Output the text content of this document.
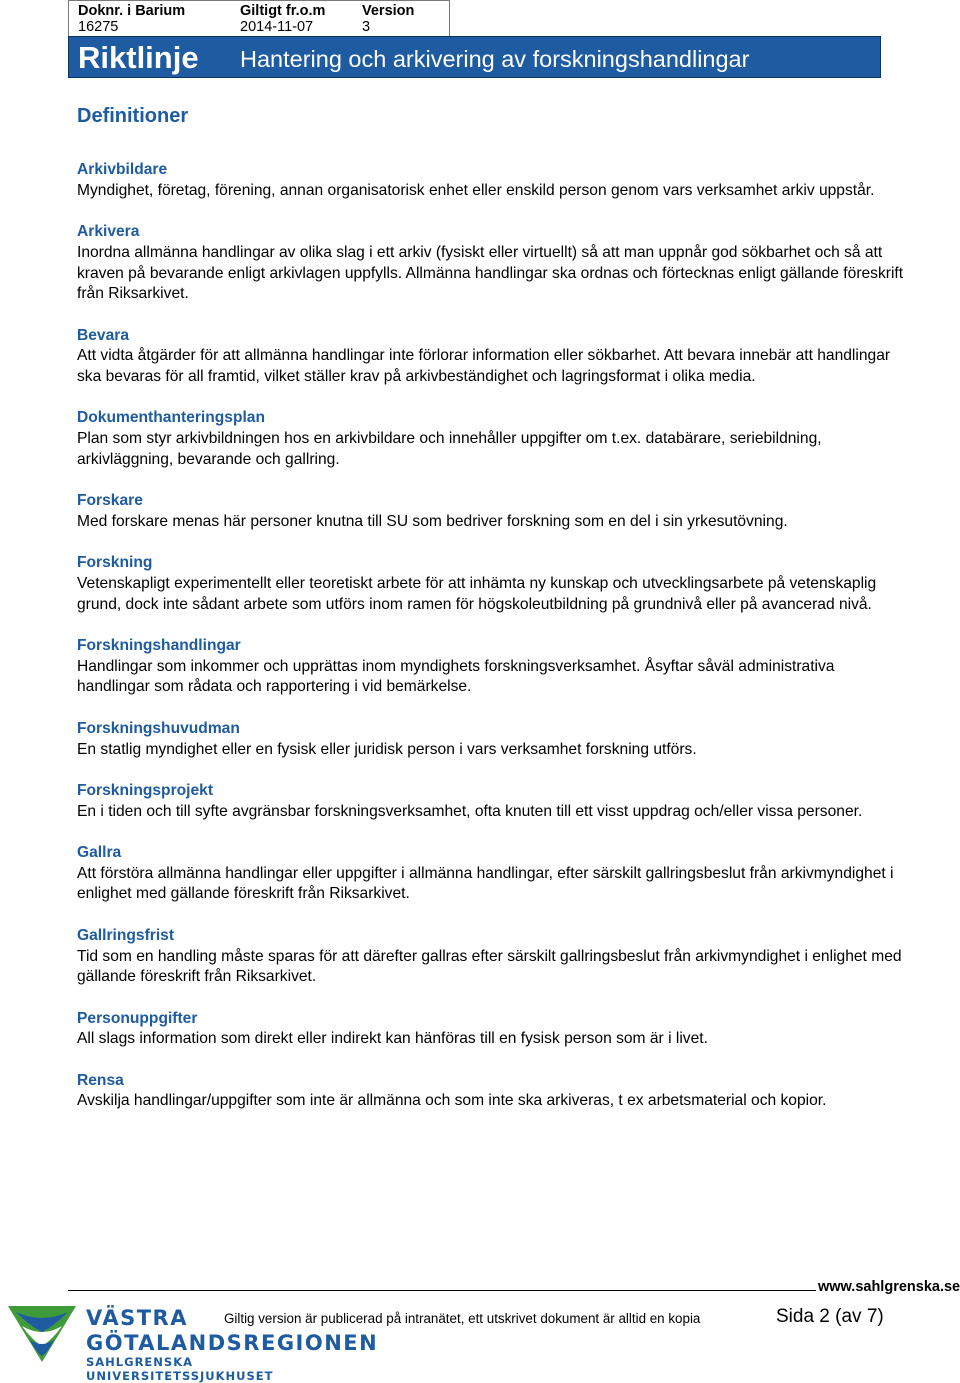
Doknr. i Barium
16275
Giltigt fr.o.m
2014-11-07
Version
3
Riktlinje Hantering och arkivering av forskningshandlingar
Definitioner
Arkivbildare
Myndighet, företag, förening, annan organisatorisk enhet eller enskild person genom vars verksamhet arkiv uppstår.
Arkivera
Inordna allmänna handlingar av olika slag i ett arkiv (fysiskt eller virtuellt) så att man uppnår god sökbarhet och så att kraven på bevarande enligt arkivlagen uppfylls. Allmänna handlingar ska ordnas och förtecknas enligt gällande föreskrift från Riksarkivet.
Bevara
Att vidta åtgärder för att allmänna handlingar inte förlorar information eller sökbarhet. Att bevara innebär att handlingar ska bevaras för all framtid, vilket ställer krav på arkivbeständighet och lagringsformat i olika media.
Dokumenthanteringsplan
Plan som styr arkivbildningen hos en arkivbildare och innehåller uppgifter om t.ex. databärare, seriebildning, arkivläggning, bevarande och gallring.
Forskare
Med forskare menas här personer knutna till SU som bedriver forskning som en del i sin yrkesutövning.
Forskning
Vetenskapligt experimentellt eller teoretiskt arbete för att inhämta ny kunskap och utvecklingsarbete på vetenskaplig grund, dock inte sådant arbete som utförs inom ramen för högskoleutbildning på grundnivå eller på avancerad nivå.
Forskningshandlingar
Handlingar som inkommer och upprättas inom myndighets forskningsverksamhet. Åsyftar såväl administrativa handlingar som rådata och rapportering i vid bemärkelse.
Forskningshuvudman
En statlig myndighet eller en fysisk eller juridisk person i vars verksamhet forskning utförs.
Forskningsprojekt
En i tiden och till syfte avgränsbar forskningsverksamhet, ofta knuten till ett visst uppdrag och/eller vissa personer.
Gallra
Att förstöra allmänna handlingar eller uppgifter i allmänna handlingar, efter särskilt gallringsbeslut från arkivmyndighet i enlighet med gällande föreskrift från Riksarkivet.
Gallringsfrist
Tid som en handling måste sparas för att därefter gallras efter särskilt gallringsbeslut från arkivmyndighet i enlighet med gällande föreskrift från Riksarkivet.
Personuppgifter
All slags information som direkt eller indirekt kan hänföras till en fysisk person som är i livet.
Rensa
Avskilja handlingar/uppgifter som inte är allmänna och som inte ska arkiveras, t ex arbetsmaterial och kopior.
www.sahlgrenska.se
VÄSTRA
GÖTALANDSREGIONEN
SAHLGRENSKA UNIVERSITETSSJUKHUSET
Giltig version är publicerad på intranätet, ett utskrivet dokument är alltid en kopia	Sida 2 (av 7)
